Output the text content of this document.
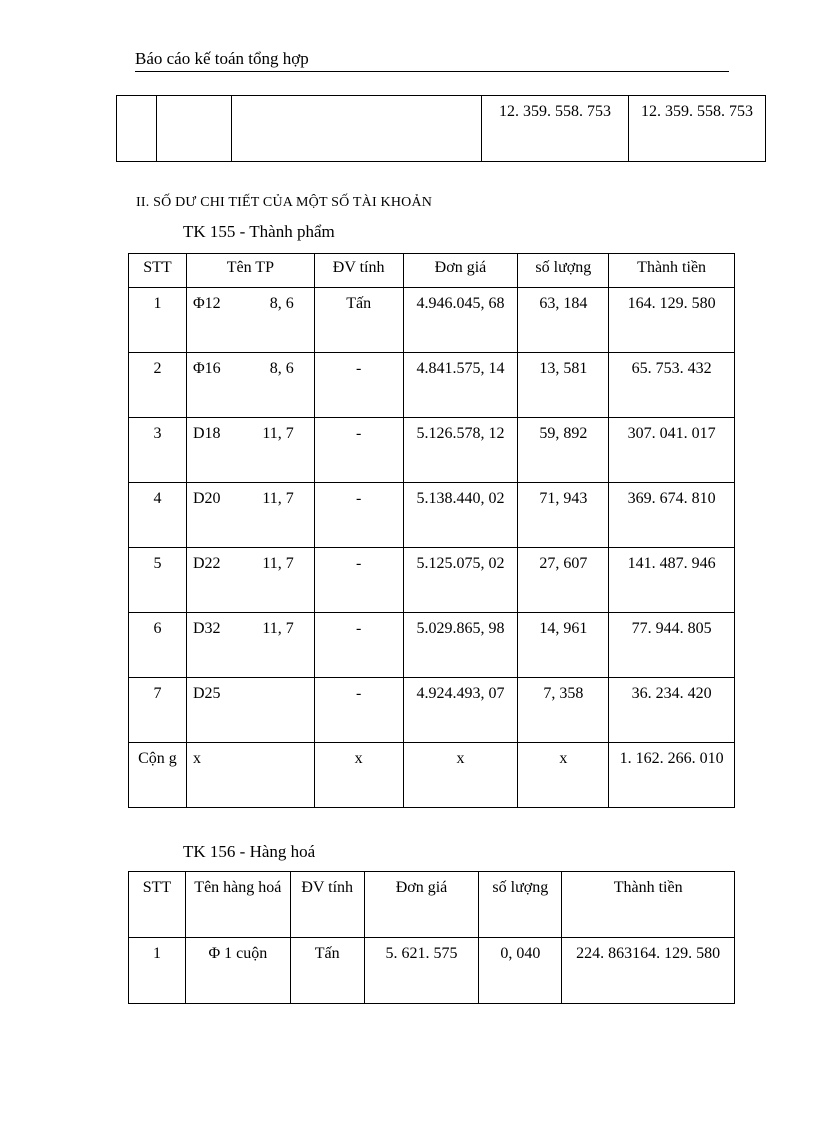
Báo cáo kế toán tổng hợp
			12. 359. 558. 753	12. 359. 558. 753
II. SỐ DƯ CHI TIẾT CỦA MỘT SỐ TÀI KHOẢN
TK 155 - Thành phẩm
STT	Tên TP	ĐV tính	Đơn giá	số lượng	Thành tiền
1	Φ12 8, 6	Tấn	4.946.045, 68	63, 184	164. 129. 580
2	Φ16 8, 6	-	4.841.575, 14	13, 581	65. 753. 432
3	D18 11, 7	-	5.126.578, 12	59, 892	307. 041. 017
4	D20 11, 7	-	5.138.440, 02	71, 943	369. 674. 810
5	D22 11, 7	-	5.125.075, 02	27, 607	141. 487. 946
6	D32 11, 7	-	5.029.865, 98	14, 961	77. 944. 805
7	D25	-	4.924.493, 07	7, 358	36. 234. 420
Cộn g	x	x	x	x	1. 162. 266. 010
TK 156 - Hàng hoá
STT	Tên hàng hoá	ĐV tính	Đơn giá	số lượng	Thành tiền
1	Φ 1 cuộn	Tấn	5. 621. 575	0, 040	224. 863164. 129. 580
